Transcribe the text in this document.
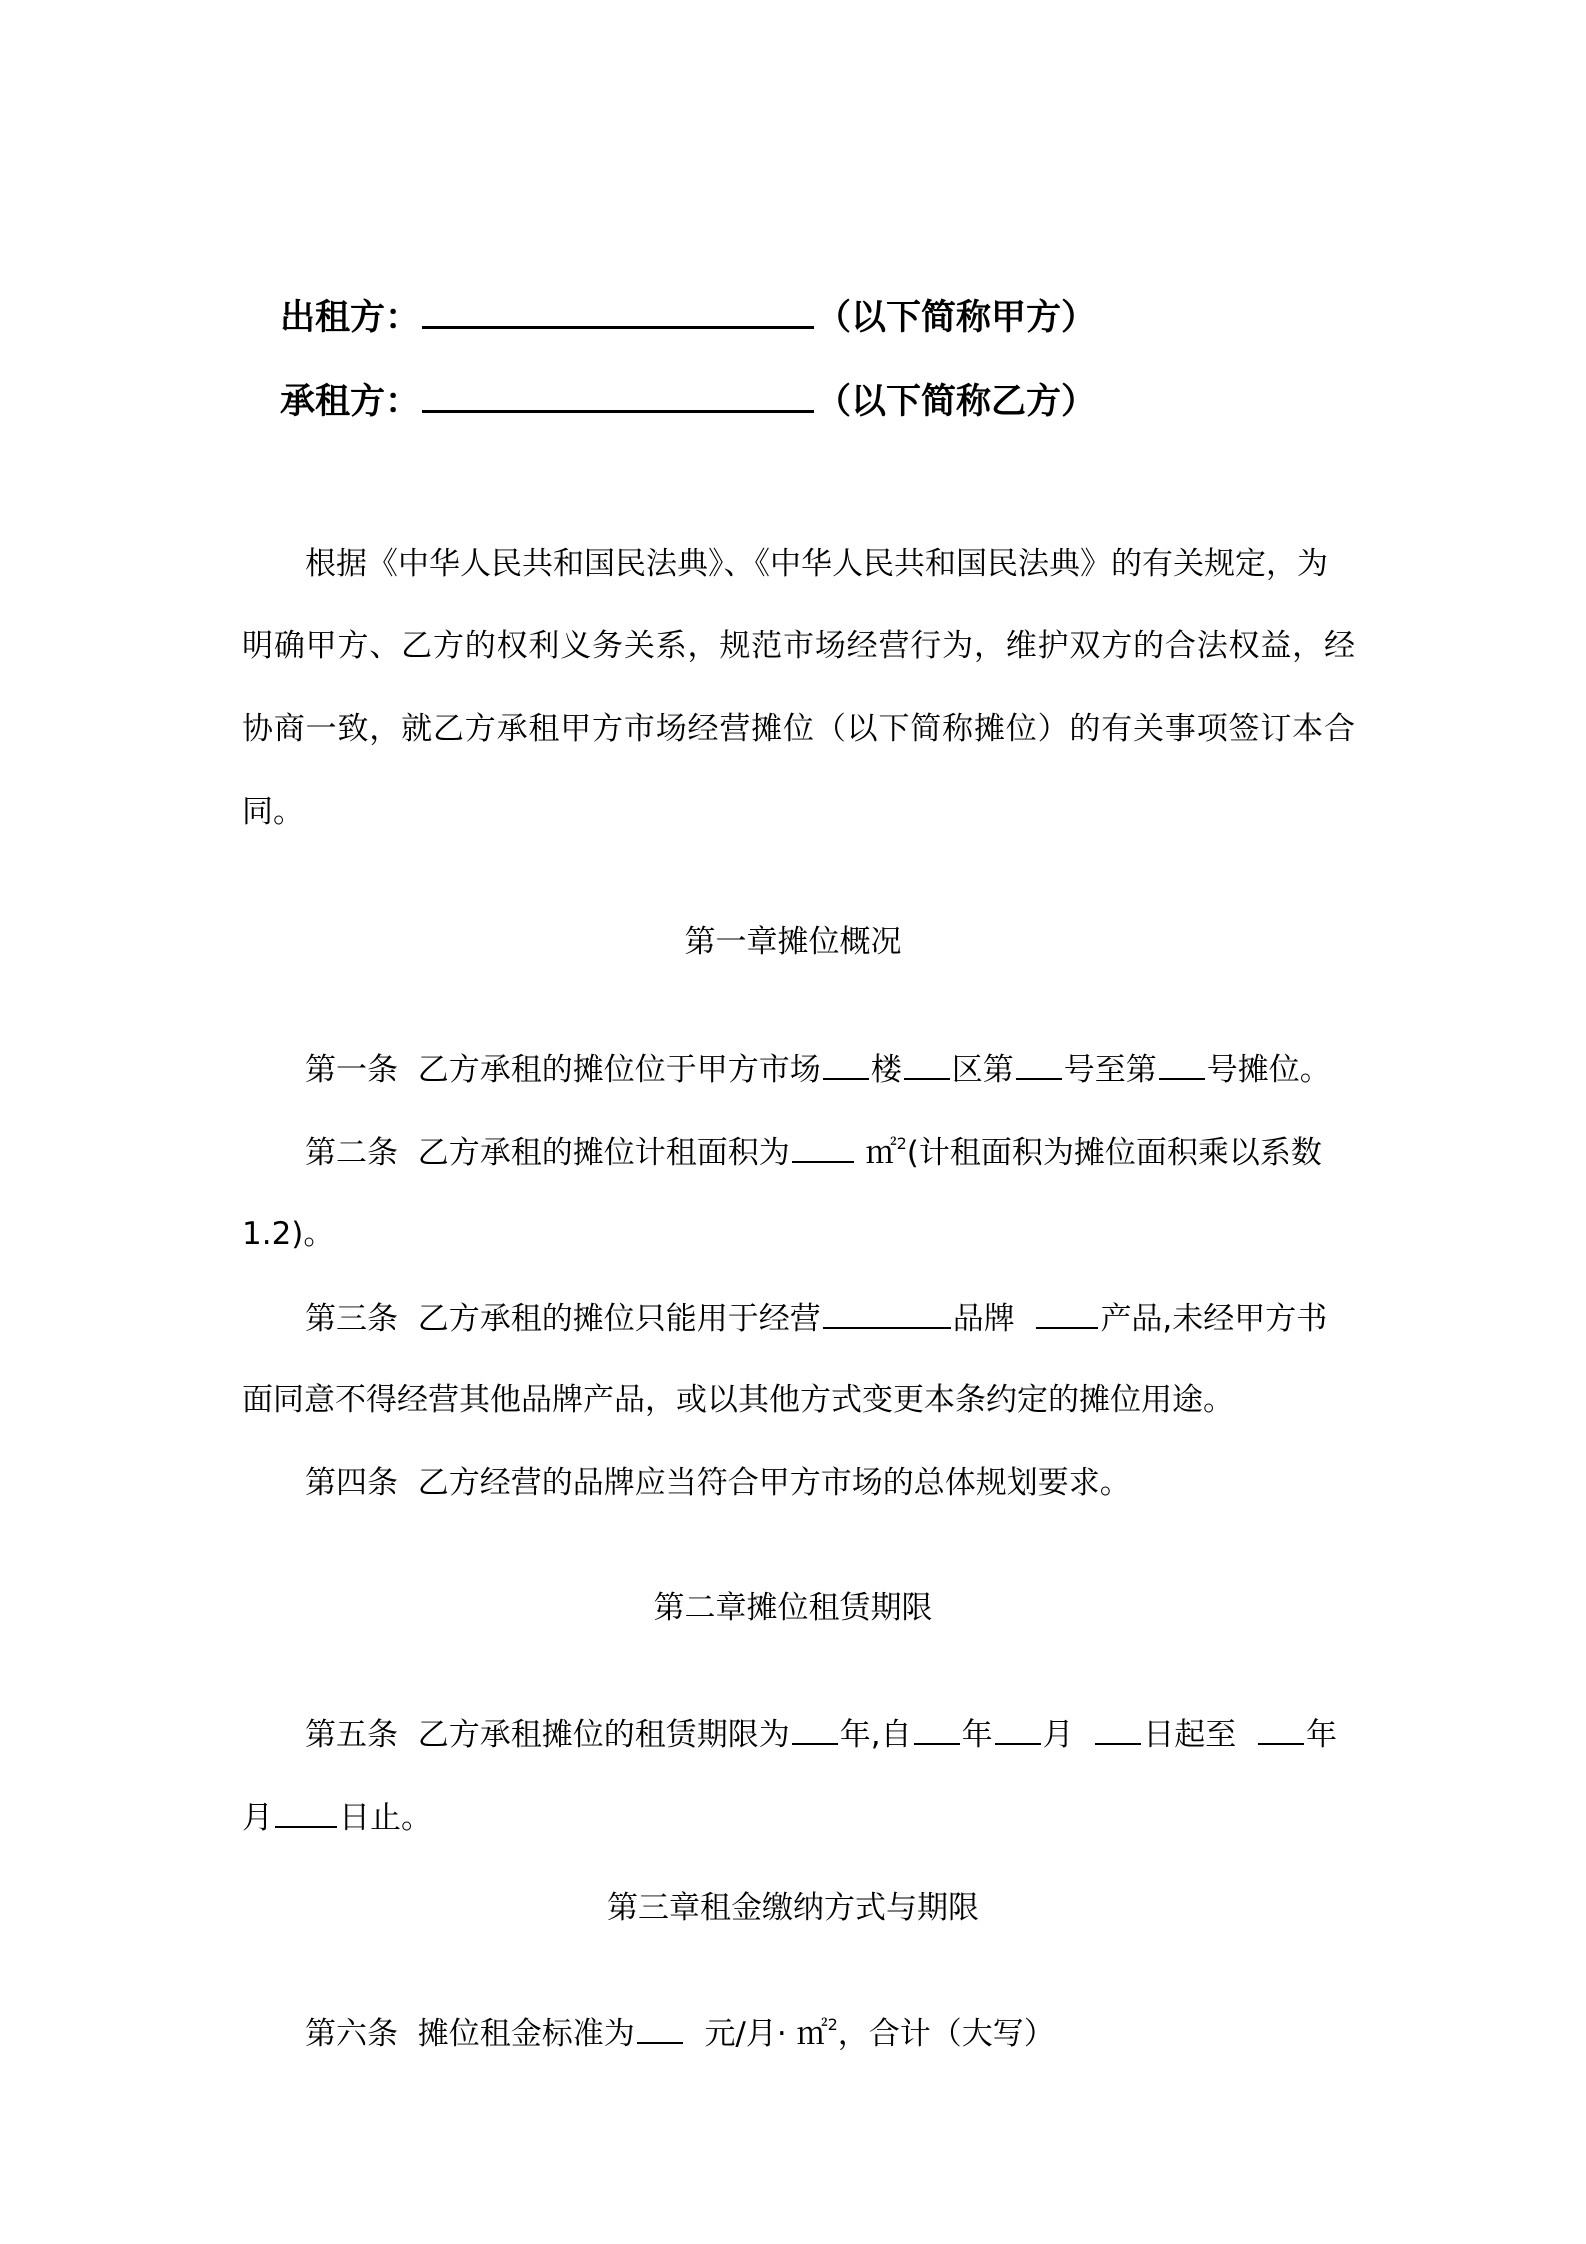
出租方：	（以下简称甲方）
承租方：	（以下简称乙方）
根据《中华人民共和国民法典》、《中华人民共和国民法典》的有关规定，为
明确甲方、乙方的权利义务关系，规范市场经营行为，维护双方的合法权益，经
协商一致，就乙方承租甲方市场经营摊位（以下简称摊位）的有关事项签订本合
同。
第一章摊位概况
第一条 乙方承租的摊位位于甲方市场 楼 区第 号至第 号摊位。
第二条 乙方承租的摊位计租面积为 ㎡$^2$(计租面积为摊位面积乘以系数
1.2)。
第三条 乙方承租的摊位只能用于经营	品牌	产品,未经甲方书
面同意不得经营其他品牌产品，或以其他方式变更本条约定的摊位用途。
第四条 乙方经营的品牌应当符合甲方市场的总体规划要求。
第二章摊位租赁期限
第五条 乙方承租摊位的租赁期限为 年,自 年 月 日起至 年
月 日止。
第三章租金缴纳方式与期限
第六条 摊位租金标准为 元/月· ㎡$^2$，合计（大写）
